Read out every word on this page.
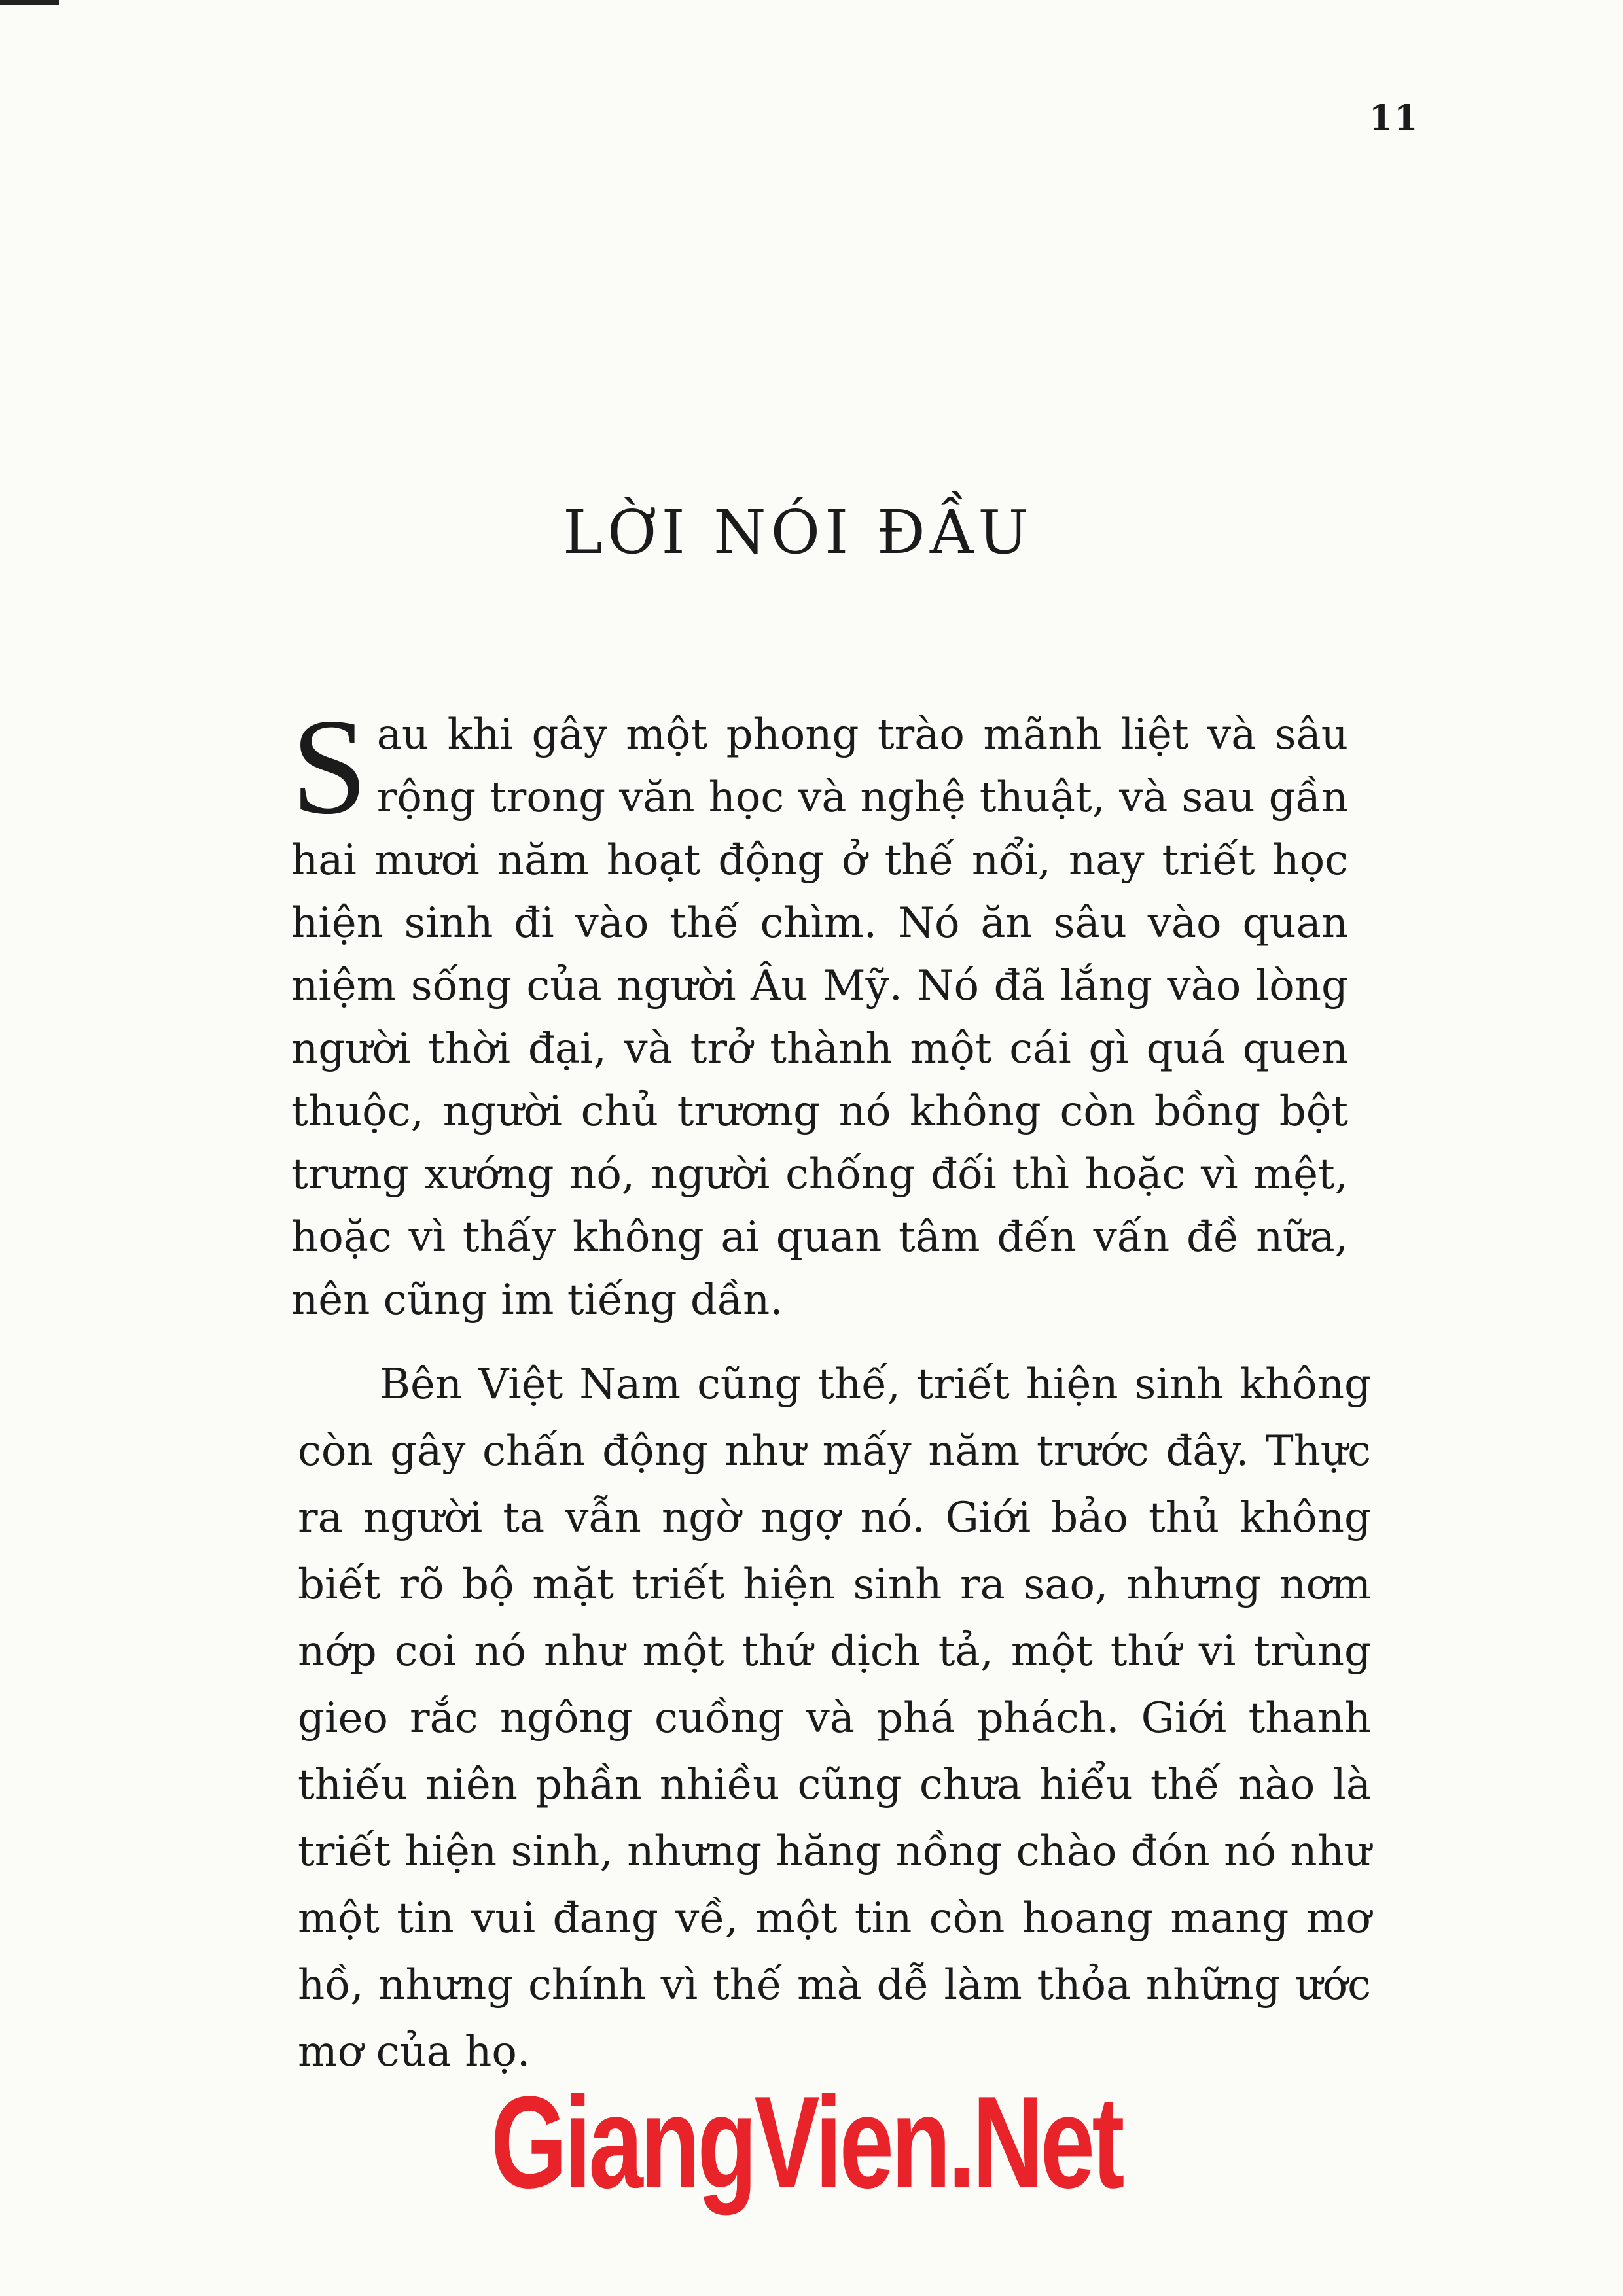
11
LỜI NÓI ĐẦU

Sau khi gây một phong trào mãnh liệt và sâu rộng trong văn học và nghệ thuật, và sau gần hai mươi năm hoạt động ở thế nổi, nay triết học hiện sinh đi vào thế chìm. Nó ăn sâu vào quan niệm sống của người Âu Mỹ. Nó đã lắng vào lòng người thời đại, và trở thành một cái gì quá quen thuộc, người chủ trương nó không còn bồng bột trưng xướng nó, người chống đối thì hoặc vì mệt, hoặc vì thấy không ai quan tâm đến vấn đề nữa, nên cũng im tiếng dần.

Bên Việt Nam cũng thế, triết hiện sinh không còn gây chấn động như mấy năm trước đây. Thực ra người ta vẫn ngờ ngợ nó. Giới bảo thủ không biết rõ bộ mặt triết hiện sinh ra sao, nhưng nơm nớp coi nó như một thứ dịch tả, một thứ vi trùng gieo rắc ngông cuồng và phá phách. Giới thanh thiếu niên phần nhiều cũng chưa hiểu thế nào là triết hiện sinh, nhưng hăng nồng chào đón nó như một tin vui đang về, một tin còn hoang mang mơ hồ, nhưng chính vì thế mà dễ làm thỏa những ước mơ của họ.

GiangVien.Net
